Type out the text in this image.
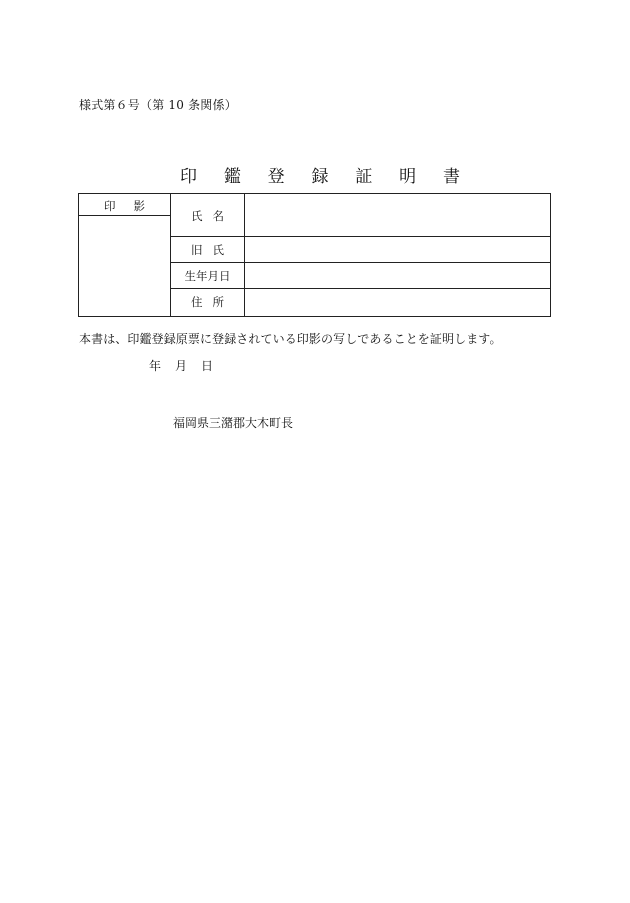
様式第６号（第 10 条関係）
印 鑑 登 録 証 明 書
印影
氏名
旧氏
生年月日
住所
本書は、印鑑登録原票に登録されている印影の写しであることを証明します。
年 月 日
福岡県三潴郡大木町長
